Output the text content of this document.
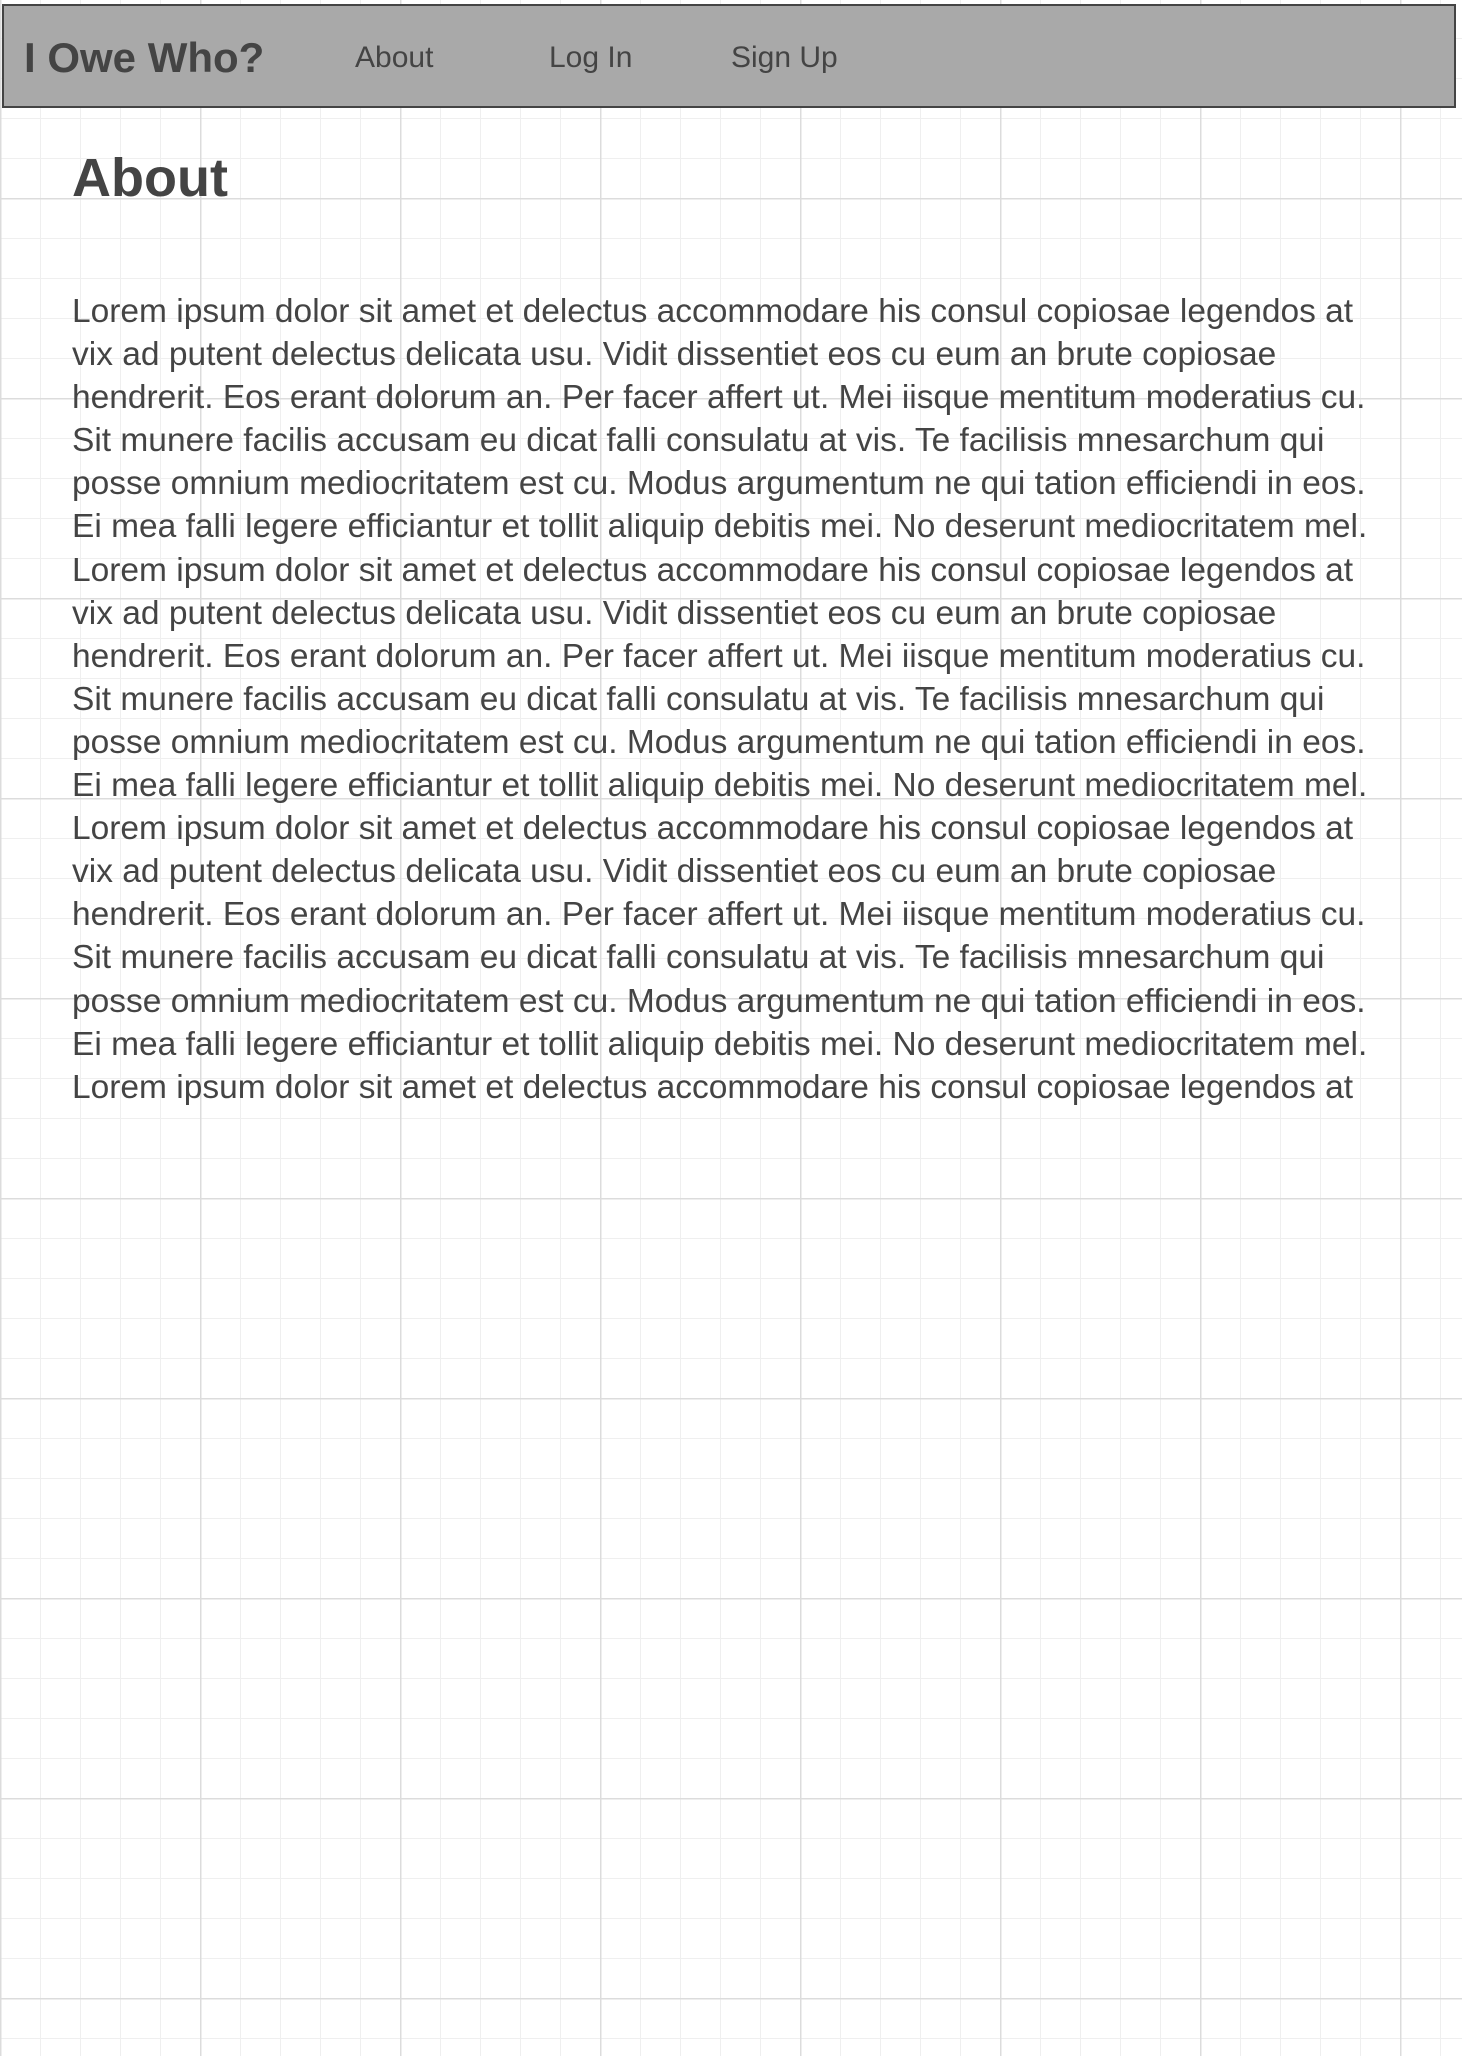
I Owe Who?	About	Log In	Sign Up
About

Lorem ipsum dolor sit amet et delectus accommodare his consul copiosae legendos at vix ad putent delectus delicata usu. Vidit dissentiet eos cu eum an brute copiosae hendrerit. Eos erant dolorum an. Per facer affert ut. Mei iisque mentitum moderatius cu. Sit munere facilis accusam eu dicat falli consulatu at vis. Te facilisis mnesarchum qui posse omnium mediocritatem est cu. Modus argumentum ne qui tation efficiendi in eos. Ei mea falli legere efficiantur et tollit aliquip debitis mei. No deserunt mediocritatem mel. Lorem ipsum dolor sit amet et delectus accommodare his consul copiosae legendos at vix ad putent delectus delicata usu. Vidit dissentiet eos cu eum an brute copiosae hendrerit. Eos erant dolorum an. Per facer affert ut. Mei iisque mentitum moderatius cu. Sit munere facilis accusam eu dicat falli consulatu at vis. Te facilisis mnesarchum qui posse omnium mediocritatem est cu. Modus argumentum ne qui tation efficiendi in eos. Ei mea falli legere efficiantur et tollit aliquip debitis mei. No deserunt mediocritatem mel. Lorem ipsum dolor sit amet et delectus accommodare his consul copiosae legendos at vix ad putent delectus delicata usu. Vidit dissentiet eos cu eum an brute copiosae hendrerit. Eos erant dolorum an. Per facer affert ut. Mei iisque mentitum moderatius cu. Sit munere facilis accusam eu dicat falli consulatu at vis. Te facilisis mnesarchum qui posse omnium mediocritatem est cu. Modus argumentum ne qui tation efficiendi in eos. Ei mea falli legere efficiantur et tollit aliquip debitis mei. No deserunt mediocritatem mel. Lorem ipsum dolor sit amet et delectus accommodare his consul copiosae legendos at
